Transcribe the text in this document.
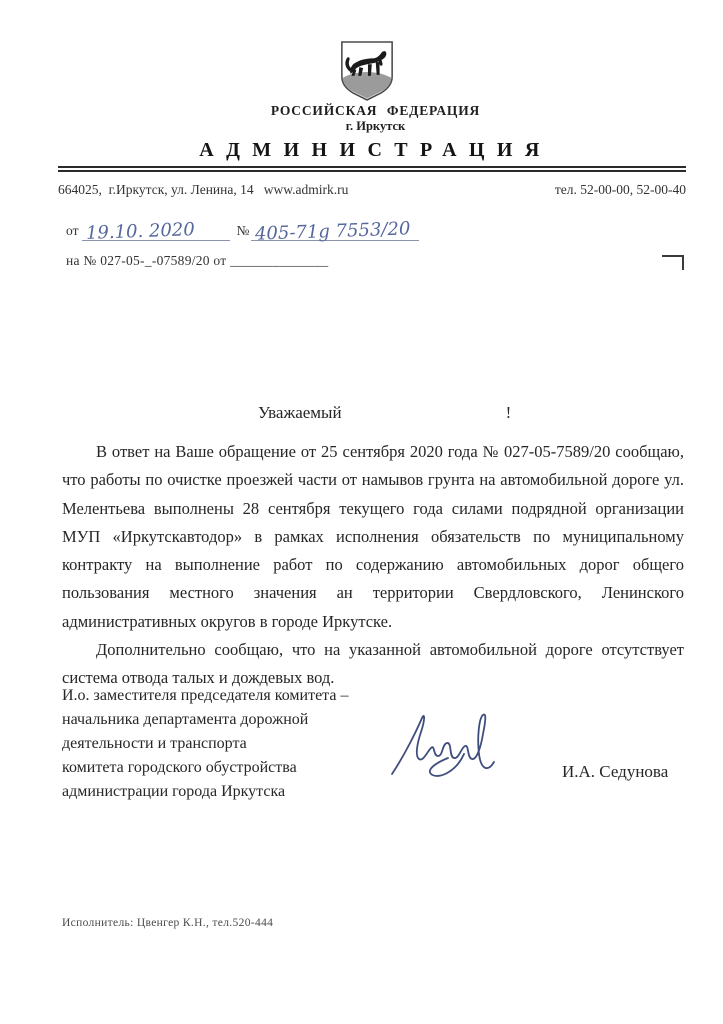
РОССИЙСКАЯ ФЕДЕРАЦИЯ
г. Иркутск
АДМИНИСТРАЦИЯ
664025,  г.Иркутск, ул. Ленина, 14   www.admirk.ru	тел. 52-00-00, 52-00-40
от 19.10. 2020	№ 405-71g 7553/20
на № 027-05-_-07589/20 от ______________
Уважаемый	!

В ответ на Ваше обращение от 25 сентября 2020 года № 027-05-7589/20 сообщаю, что работы по очистке проезжей части от намывов грунта на автомобильной дороге ул. Мелентьева выполнены 28 сентября текущего года силами подрядной организации МУП «Иркутскавтодор» в рамках исполнения обязательств по муниципальному контракту на выполнение работ по содержанию автомобильных дорог общего пользования местного значения ан территории Свердловского, Ленинского административных округов в городе Иркутске.

Дополнительно сообщаю, что на указанной автомобильной дороге отсутствует система отвода талых и дождевых вод.

И.о. заместителя председателя комитета –
начальника департамента дорожной
деятельности и транспорта
комитета городского обустройства
администрации города Иркутска
И.А. Седунова
Исполнитель: Цвенгер К.Н., тел.520-444
